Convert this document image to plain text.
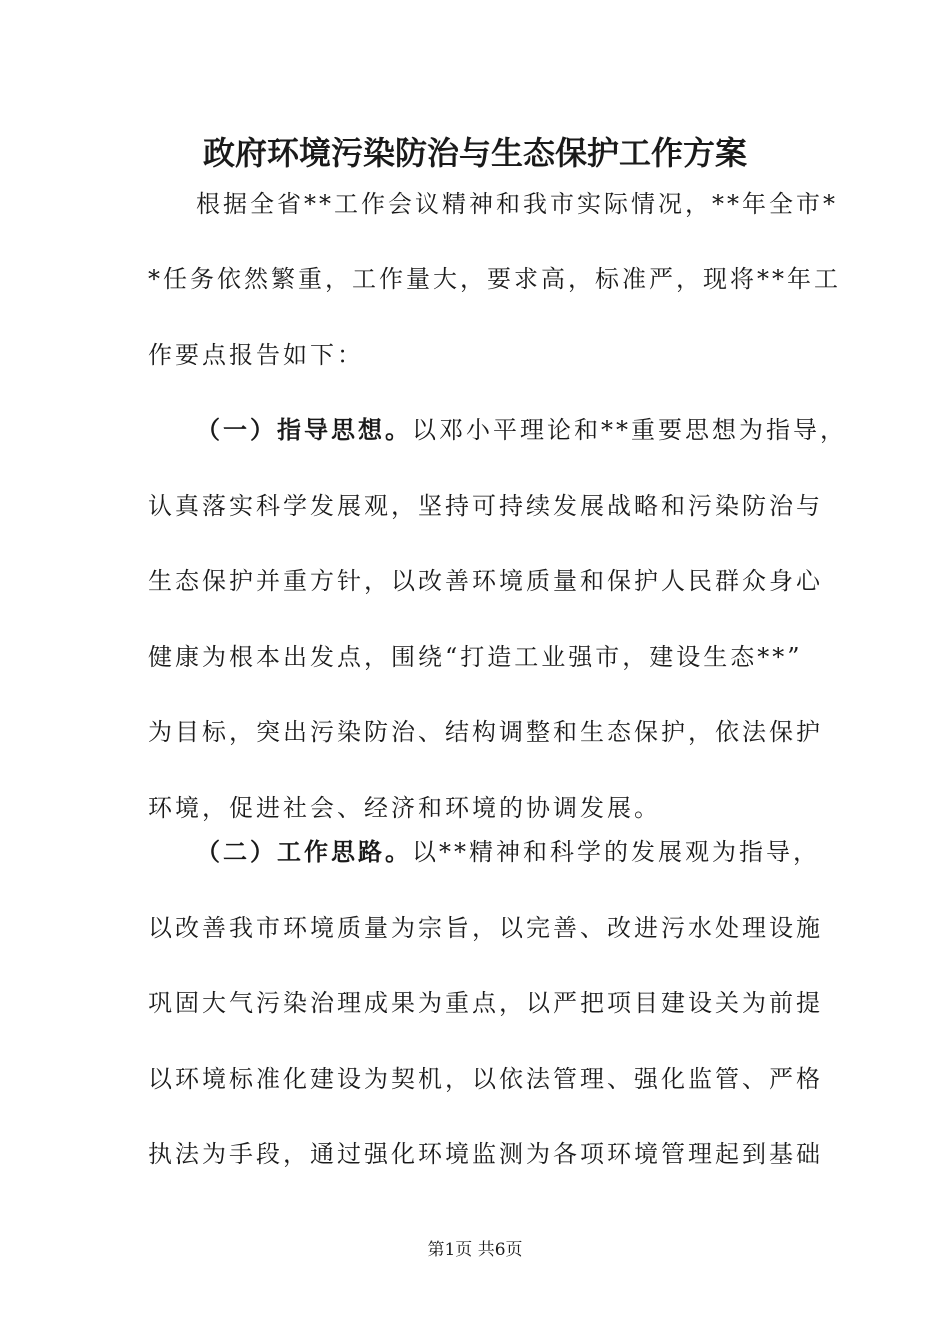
政府环境污染防治与生态保护工作方案
根据全省**工作会议精神和我市实际情况，**年全市*
*任务依然繁重，工作量大，要求高，标准严，现将**年工
作要点报告如下：
（一）指导思想。以邓小平理论和**重要思想为指导，
认真落实科学发展观，坚持可持续发展战略和污染防治与
生态保护并重方针，以改善环境质量和保护人民群众身心
健康为根本出发点，围绕“打造工业强市，建设生态**”
为目标，突出污染防治、结构调整和生态保护，依法保护
环境，促进社会、经济和环境的协调发展。
（二）工作思路。以**精神和科学的发展观为指导，
以改善我市环境质量为宗旨，以完善、改进污水处理设施
巩固大气污染治理成果为重点，以严把项目建设关为前提
以环境标准化建设为契机，以依法管理、强化监管、严格
执法为手段，通过强化环境监测为各项环境管理起到基础
第1页 共6页
